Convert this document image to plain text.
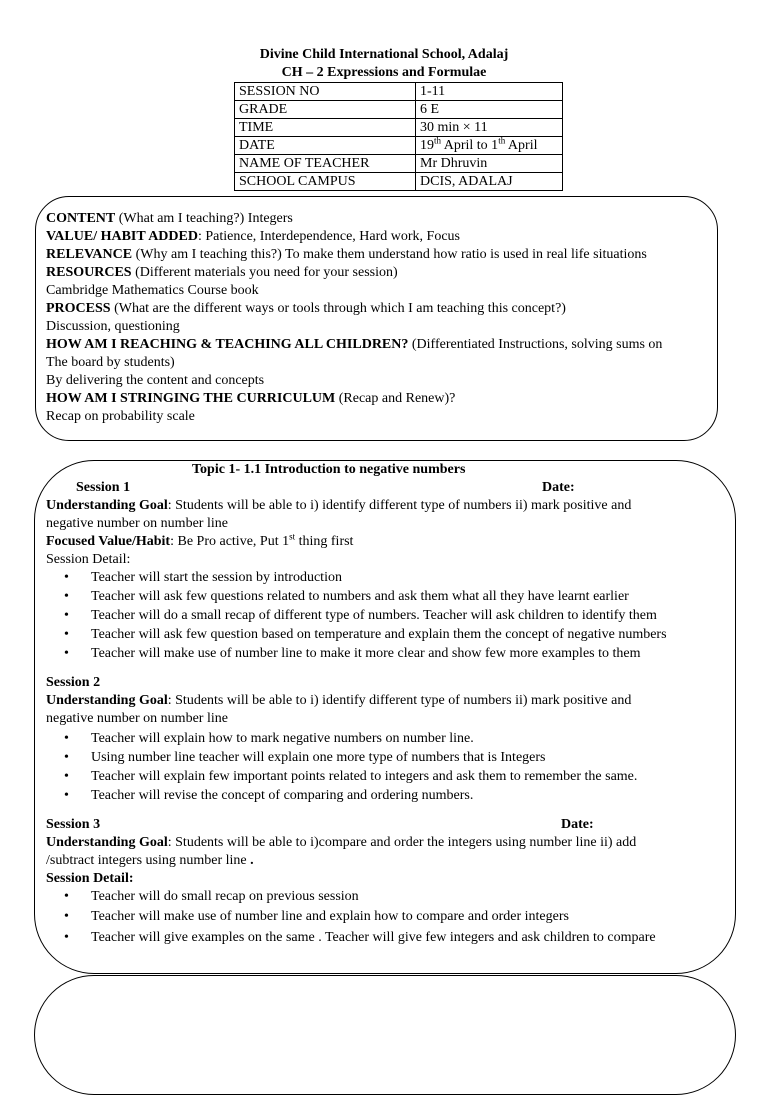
Divine Child International School, Adalaj
CH – 2 Expressions and Formulae
SESSION NO	1-11
GRADE	6 E
TIME	30 min × 11
DATE	19th April to 1th April
NAME OF TEACHER	Mr Dhruvin
SCHOOL CAMPUS	DCIS, ADALAJ
CONTENT (What am I teaching?) Integers
VALUE/ HABIT ADDED: Patience, Interdependence, Hard work, Focus
RELEVANCE (Why am I teaching this?) To make them understand how ratio is used in real life situations
RESOURCES (Different materials you need for your session)
Cambridge Mathematics Course book
PROCESS (What are the different ways or tools through which I am teaching this concept?)
Discussion, questioning
HOW AM I REACHING & TEACHING ALL CHILDREN? (Differentiated Instructions, solving sums on
The board by students)
By delivering the content and concepts
HOW AM I STRINGING THE CURRICULUM (Recap and Renew)?
Recap on probability scale
Topic 1- 1.1 Introduction to negative numbers
Session 1	Date:
Understanding Goal: Students will be able to i) identify different type of numbers ii) mark positive and
negative number on number line
Focused Value/Habit: Be Pro active, Put 1st thing first
Session Detail:
• Teacher will start the session by introduction
• Teacher will ask few questions related to numbers and ask them what all they have learnt earlier
• Teacher will do a small recap of different type of numbers. Teacher will ask children to identify them
• Teacher will ask few question based on temperature and explain them the concept of negative numbers
• Teacher will make use of number line to make it more clear and show few more examples to them
Session 2
Understanding Goal: Students will be able to i) identify different type of numbers ii) mark positive and
negative number on number line
• Teacher will explain how to mark negative numbers on number line.
• Using number line teacher will explain one more type of numbers that is Integers
• Teacher will explain few important points related to integers and ask them to remember the same.
• Teacher will revise the concept of comparing and ordering numbers.
Session 3	Date:
Understanding Goal: Students will be able to i)compare and order the integers using number line ii) add
/subtract integers using number line .
Session Detail:
• Teacher will do small recap on previous session
• Teacher will make use of number line and explain how to compare and order integers
• Teacher will give examples on the same . Teacher will give few integers and ask children to compare
